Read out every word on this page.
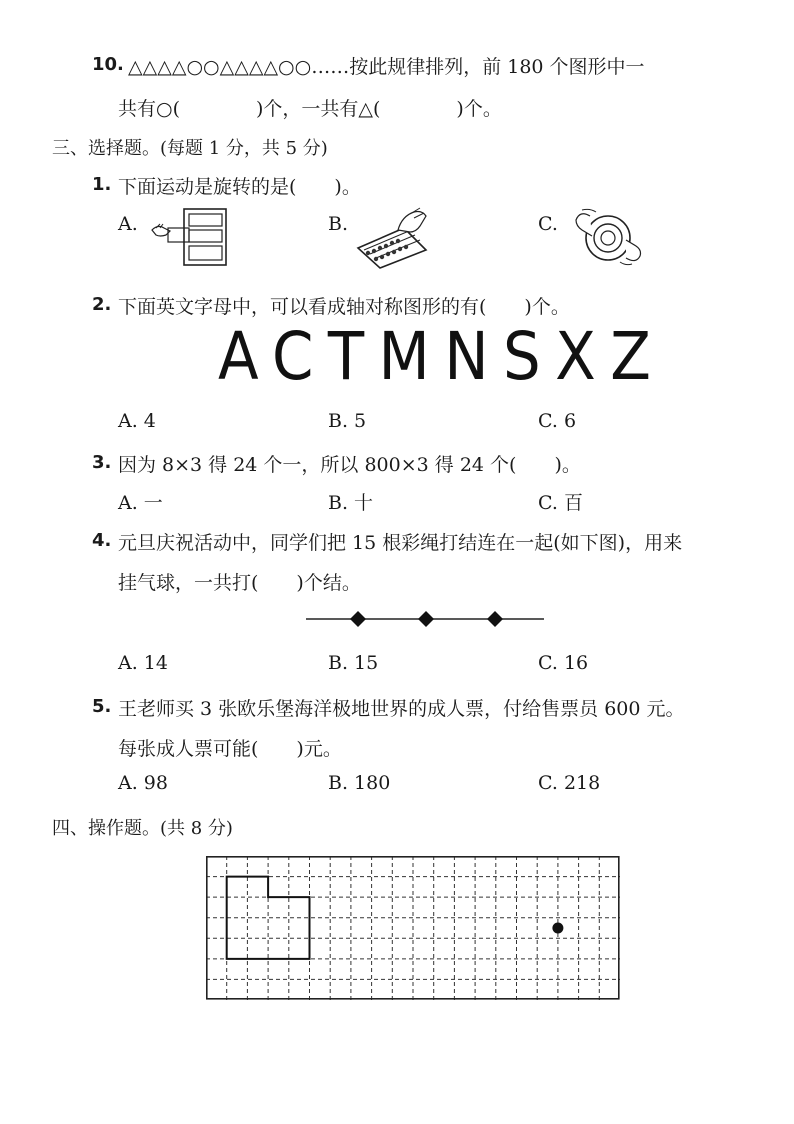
10. △△△△○○△△△△○○……按此规律排列，前 180 个图形中一
共有○(　　　　)个，一共有△(　　　　)个。
三、选择题。(每题 1 分，共 5 分)
1. 下面运动是旋转的是(　　)。
A.	B.	C.
2. 下面英文字母中，可以看成轴对称图形的有(　　)个。
ACTMNSXZ
A. 4	B. 5	C. 6
3. 因为 8×3 得 24 个一，所以 800×3 得 24 个(　　)。
A. 一	B. 十	C. 百
4. 元旦庆祝活动中，同学们把 15 根彩绳打结连在一起(如下图)，用来
挂气球，一共打(　　)个结。
A. 14	B. 15	C. 16
5. 王老师买 3 张欧乐堡海洋极地世界的成人票，付给售票员 600 元。
每张成人票可能(　　)元。
A. 98	B. 180	C. 218
四、操作题。(共 8 分)
